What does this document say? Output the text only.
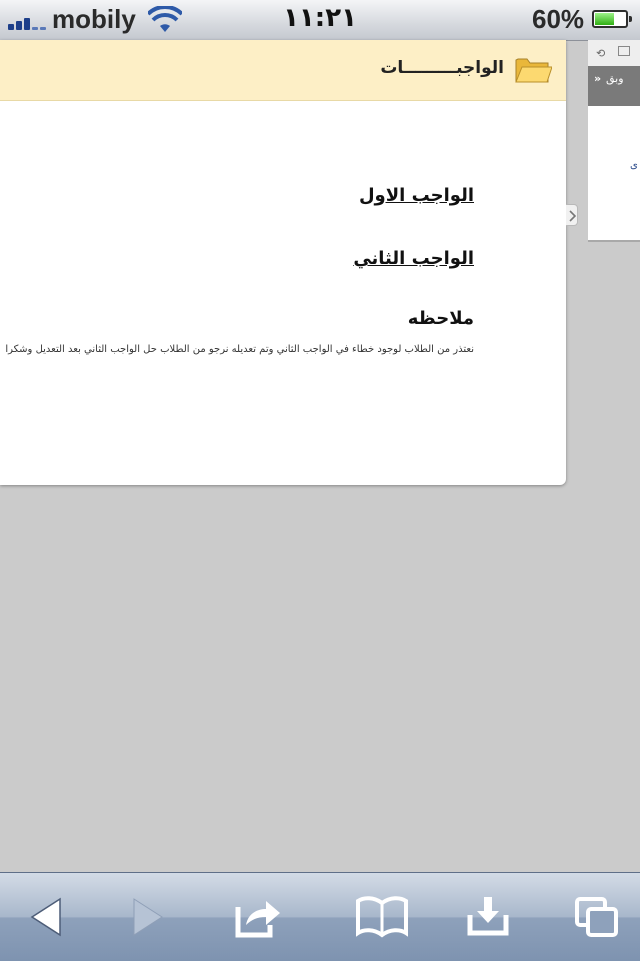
mobily	١١:٢١	60%
الواجبـــــــــات
الواجب الاول
الواجب الثاني
ملاحظه
نعتذر من الطلاب لوجود خطاء في الواجب الثاني وتم تعديله نرجو من الطلاب حل الواجب الثاني بعد التعديل وشكرا
⟲
» وبق
ى
